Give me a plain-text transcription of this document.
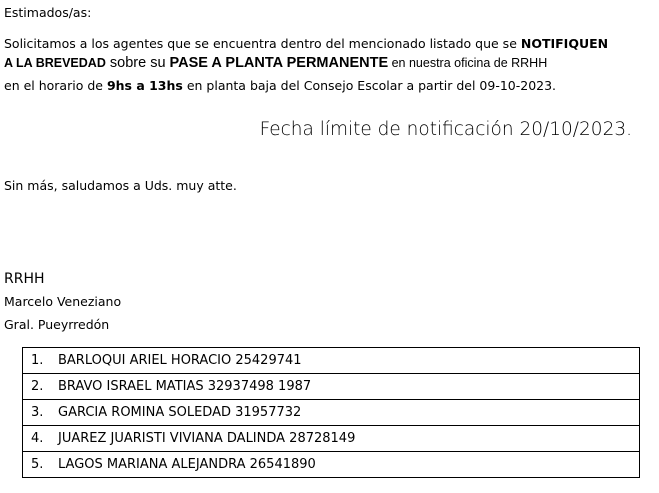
Estimados/as:
Solicitamos a los agentes que se encuentra dentro del mencionado listado que se NOTIFIQUEN
A LA BREVEDAD sobre su PASE A PLANTA PERMANENTE en nuestra oficina de RRHH
en el horario de 9hs a 13hs en planta baja del Consejo Escolar a partir del 09-10-2023.
Fecha límite de notificación 20/10/2023.
Sin más, saludamos a Uds. muy atte.
RRHH
Marcelo Veneziano
Gral. Pueyrredón
1. BARLOQUI ARIEL HORACIO 25429741
2. BRAVO ISRAEL MATIAS 32937498 1987
3. GARCIA ROMINA SOLEDAD 31957732
4. JUAREZ JUARISTI VIVIANA DALINDA 28728149
5. LAGOS MARIANA ALEJANDRA 26541890
